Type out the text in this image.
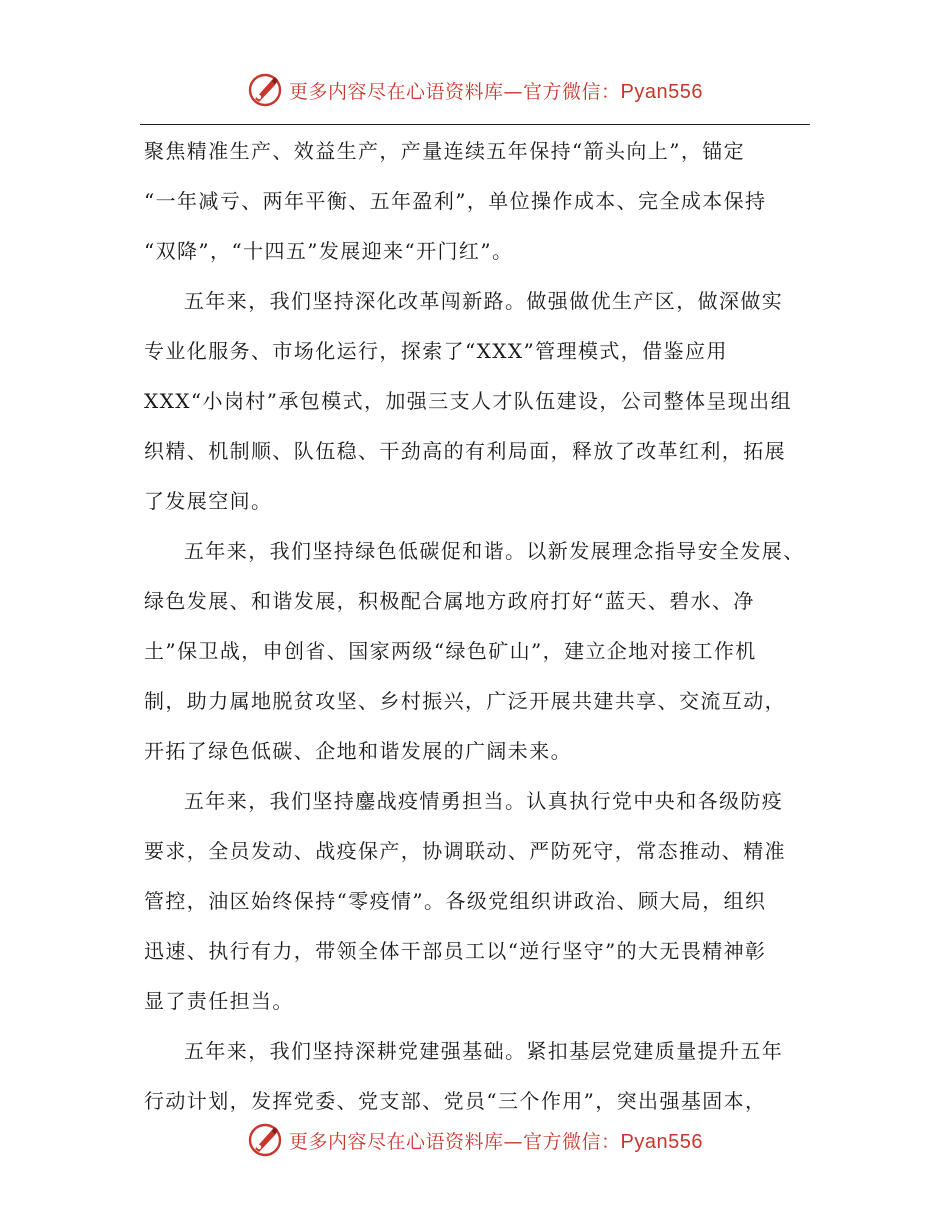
更多内容尽在心语资料库—官方微信：Pyan556

聚焦精准生产、效益生产，产量连续五年保持“箭头向上”，锚定
“一年减亏、两年平衡、五年盈利”，单位操作成本、完全成本保持
“双降”，“十四五”发展迎来“开门红”。

五年来，我们坚持深化改革闯新路。做强做优生产区，做深做实
专业化服务、市场化运行，探索了“XXX”管理模式，借鉴应用
XXX“小岗村”承包模式，加强三支人才队伍建设，公司整体呈现出组
织精、机制顺、队伍稳、干劲高的有利局面，释放了改革红利，拓展
了发展空间。

五年来，我们坚持绿色低碳促和谐。以新发展理念指导安全发展、
绿色发展、和谐发展，积极配合属地方政府打好“蓝天、碧水、净
土”保卫战，申创省、国家两级“绿色矿山”，建立企地对接工作机
制，助力属地脱贫攻坚、乡村振兴，广泛开展共建共享、交流互动，
开拓了绿色低碳、企地和谐发展的广阔未来。

五年来，我们坚持鏖战疫情勇担当。认真执行党中央和各级防疫
要求，全员发动、战疫保产，协调联动、严防死守，常态推动、精准
管控，油区始终保持“零疫情”。各级党组织讲政治、顾大局，组织
迅速、执行有力，带领全体干部员工以“逆行坚守”的大无畏精神彰
显了责任担当。

五年来，我们坚持深耕党建强基础。紧扣基层党建质量提升五年
行动计划，发挥党委、党支部、党员“三个作用”，突出强基固本，

更多内容尽在心语资料库—官方微信：Pyan556
